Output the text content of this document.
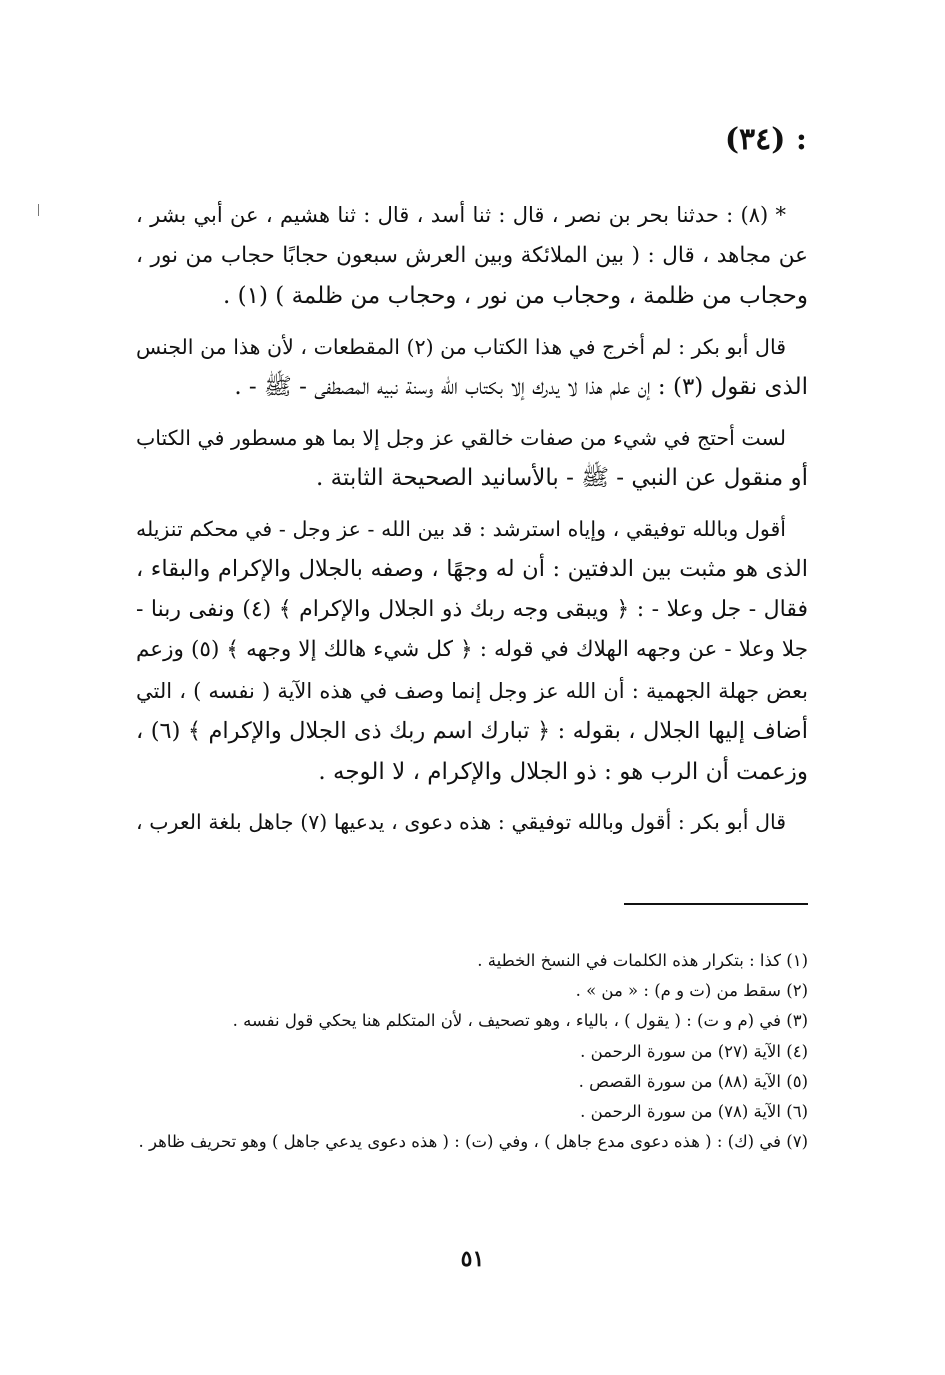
: (٣٤)
* (٨) : حدثنا بحر بن نصر ، قال : ثنا أسد ، قال : ثنا هشيم ، عن أبي بشر ،
عن مجاهد ، قال : ( بين الملائكة وبين العرش سبعون حجابًا حجاب من نور ،
وحجاب من ظلمة ، وحجاب من نور ، وحجاب من ظلمة ) (١) .
قال أبو بكر : لم أخرج في هذا الكتاب من (٢) المقطعات ، لأن هذا من الجنس
الذى نقول (٣) : إن علم هذا لا يدرك إلا بكتاب الله وسنة نبيه المصطفى - ﷺ - .
لست أحتج في شيء من صفات خالقي عز وجل إلا بما هو مسطور في الكتاب
أو منقول عن النبي - ﷺ - بالأسانيد الصحيحة الثابتة .
أقول وبالله توفيقي ، وإياه استرشد : قد بين الله - عز وجل - في محكم تنزيله
الذى هو مثبت بين الدفتين : أن له وجهًا ، وصفه بالجلال والإكرام والبقاء ،
فقال - جل وعلا - : ﴿ ويبقى وجه ربك ذو الجلال والإكرام ﴾ (٤) ونفى ربنا -
جلا وعلا - عن وجهه الهلاك في قوله : ﴿ كل شيء هالك إلا وجهه ﴾ (٥) وزعم
بعض جهلة الجهمية : أن الله عز وجل إنما وصف في هذه الآية ( نفسه ) ، التي
أضاف إليها الجلال ، بقوله : ﴿ تبارك اسم ربك ذى الجلال والإكرام ﴾ (٦) ،
وزعمت أن الرب هو : ذو الجلال والإكرام ، لا الوجه .
قال أبو بكر : أقول وبالله توفيقي : هذه دعوى ، يدعيها (٧) جاهل بلغة العرب ،
(١) كذا : بتكرار هذه الكلمات في النسخ الخطية .
(٢) سقط من (ت و م) : « من » .
(٣) في (م و ت) : ( يقول ) ، بالياء ، وهو تصحيف ، لأن المتكلم هنا يحكي قول نفسه .
(٤) الآية (٢٧) من سورة الرحمن .
(٥) الآية (٨٨) من سورة القصص .
(٦) الآية (٧٨) من سورة الرحمن .
(٧) في (ك) : ( هذه دعوى مدع جاهل ) ، وفي (ت) : ( هذه دعوى يدعي جاهل ) وهو تحريف ظاهر .
٥١
